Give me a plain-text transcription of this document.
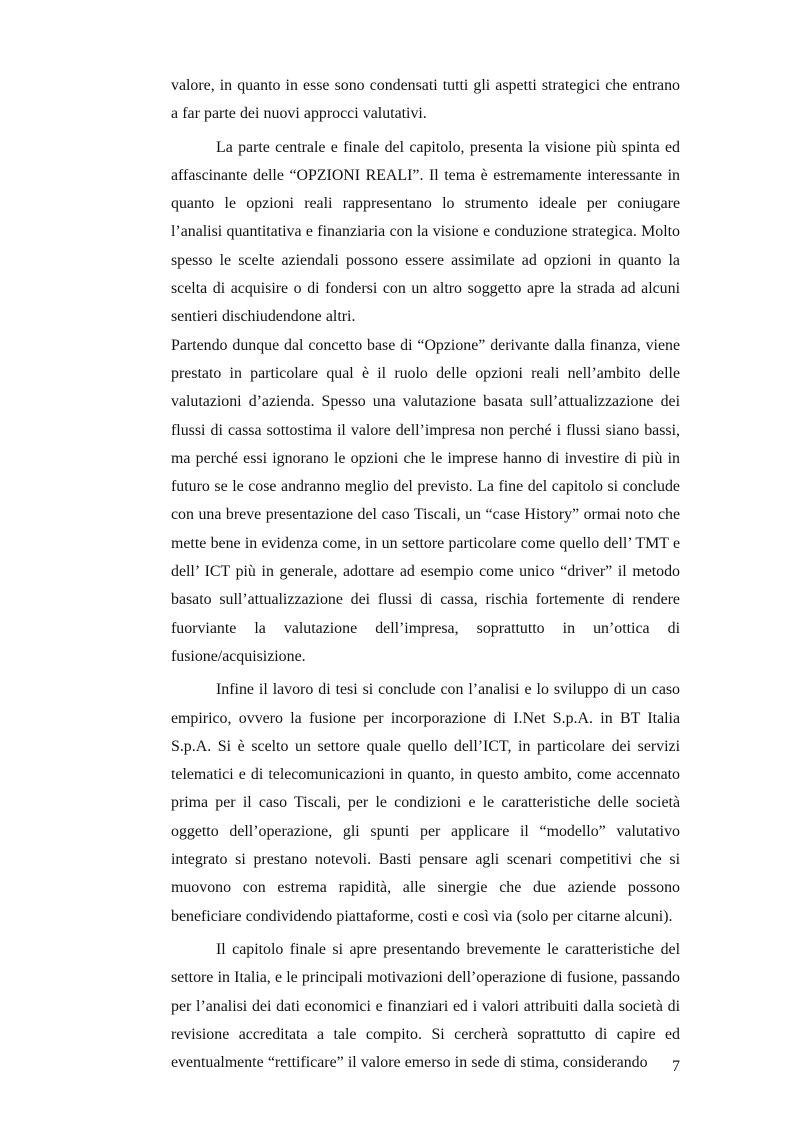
valore, in quanto in esse sono condensati tutti gli aspetti strategici che entrano a far parte dei nuovi approcci valutativi.

La parte centrale e finale del capitolo, presenta la visione più spinta ed affascinante delle “OPZIONI REALI”. Il tema è estremamente interessante in quanto le opzioni reali rappresentano lo strumento ideale per coniugare l’analisi quantitativa e finanziaria con la visione e conduzione strategica. Molto spesso le scelte aziendali possono essere assimilate ad opzioni in quanto la scelta di acquisire o di fondersi con un altro soggetto apre la strada ad alcuni sentieri dischiudendone altri.

Partendo dunque dal concetto base di “Opzione” derivante dalla finanza, viene prestato in particolare qual è il ruolo delle opzioni reali nell’ambito delle valutazioni d’azienda. Spesso una valutazione basata sull’attualizzazione dei flussi di cassa sottostima il valore dell’impresa non perché i flussi siano bassi, ma perché essi ignorano le opzioni che le imprese hanno di investire di più in futuro se le cose andranno meglio del previsto. La fine del capitolo si conclude con una breve presentazione del caso Tiscali, un “case History” ormai noto che mette bene in evidenza come, in un settore particolare come quello dell’ TMT e dell’ ICT più in generale, adottare ad esempio come unico “driver” il metodo basato sull’attualizzazione dei flussi di cassa, rischia fortemente di rendere fuorviante la valutazione dell’impresa, soprattutto in un’ottica di fusione/acquisizione.

Infine il lavoro di tesi si conclude con l’analisi e lo sviluppo di un caso empirico, ovvero la fusione per incorporazione di I.Net S.p.A. in BT Italia S.p.A. Si è scelto un settore quale quello dell’ICT, in particolare dei servizi telematici e di telecomunicazioni in quanto, in questo ambito, come accennato prima per il caso Tiscali, per le condizioni e le caratteristiche delle società oggetto dell’operazione, gli spunti per applicare il “modello” valutativo integrato si prestano notevoli. Basti pensare agli scenari competitivi che si muovono con estrema rapidità, alle sinergie che due aziende possono beneficiare condividendo piattaforme, costi e così via (solo per citarne alcuni).

Il capitolo finale si apre presentando brevemente le caratteristiche del settore in Italia, e le principali motivazioni dell’operazione di fusione, passando per l’analisi dei dati economici e finanziari ed i valori attribuiti dalla società di revisione accreditata a tale compito. Si cercherà soprattutto di capire ed eventualmente “rettificare” il valore emerso in sede di stima, considerando	7
